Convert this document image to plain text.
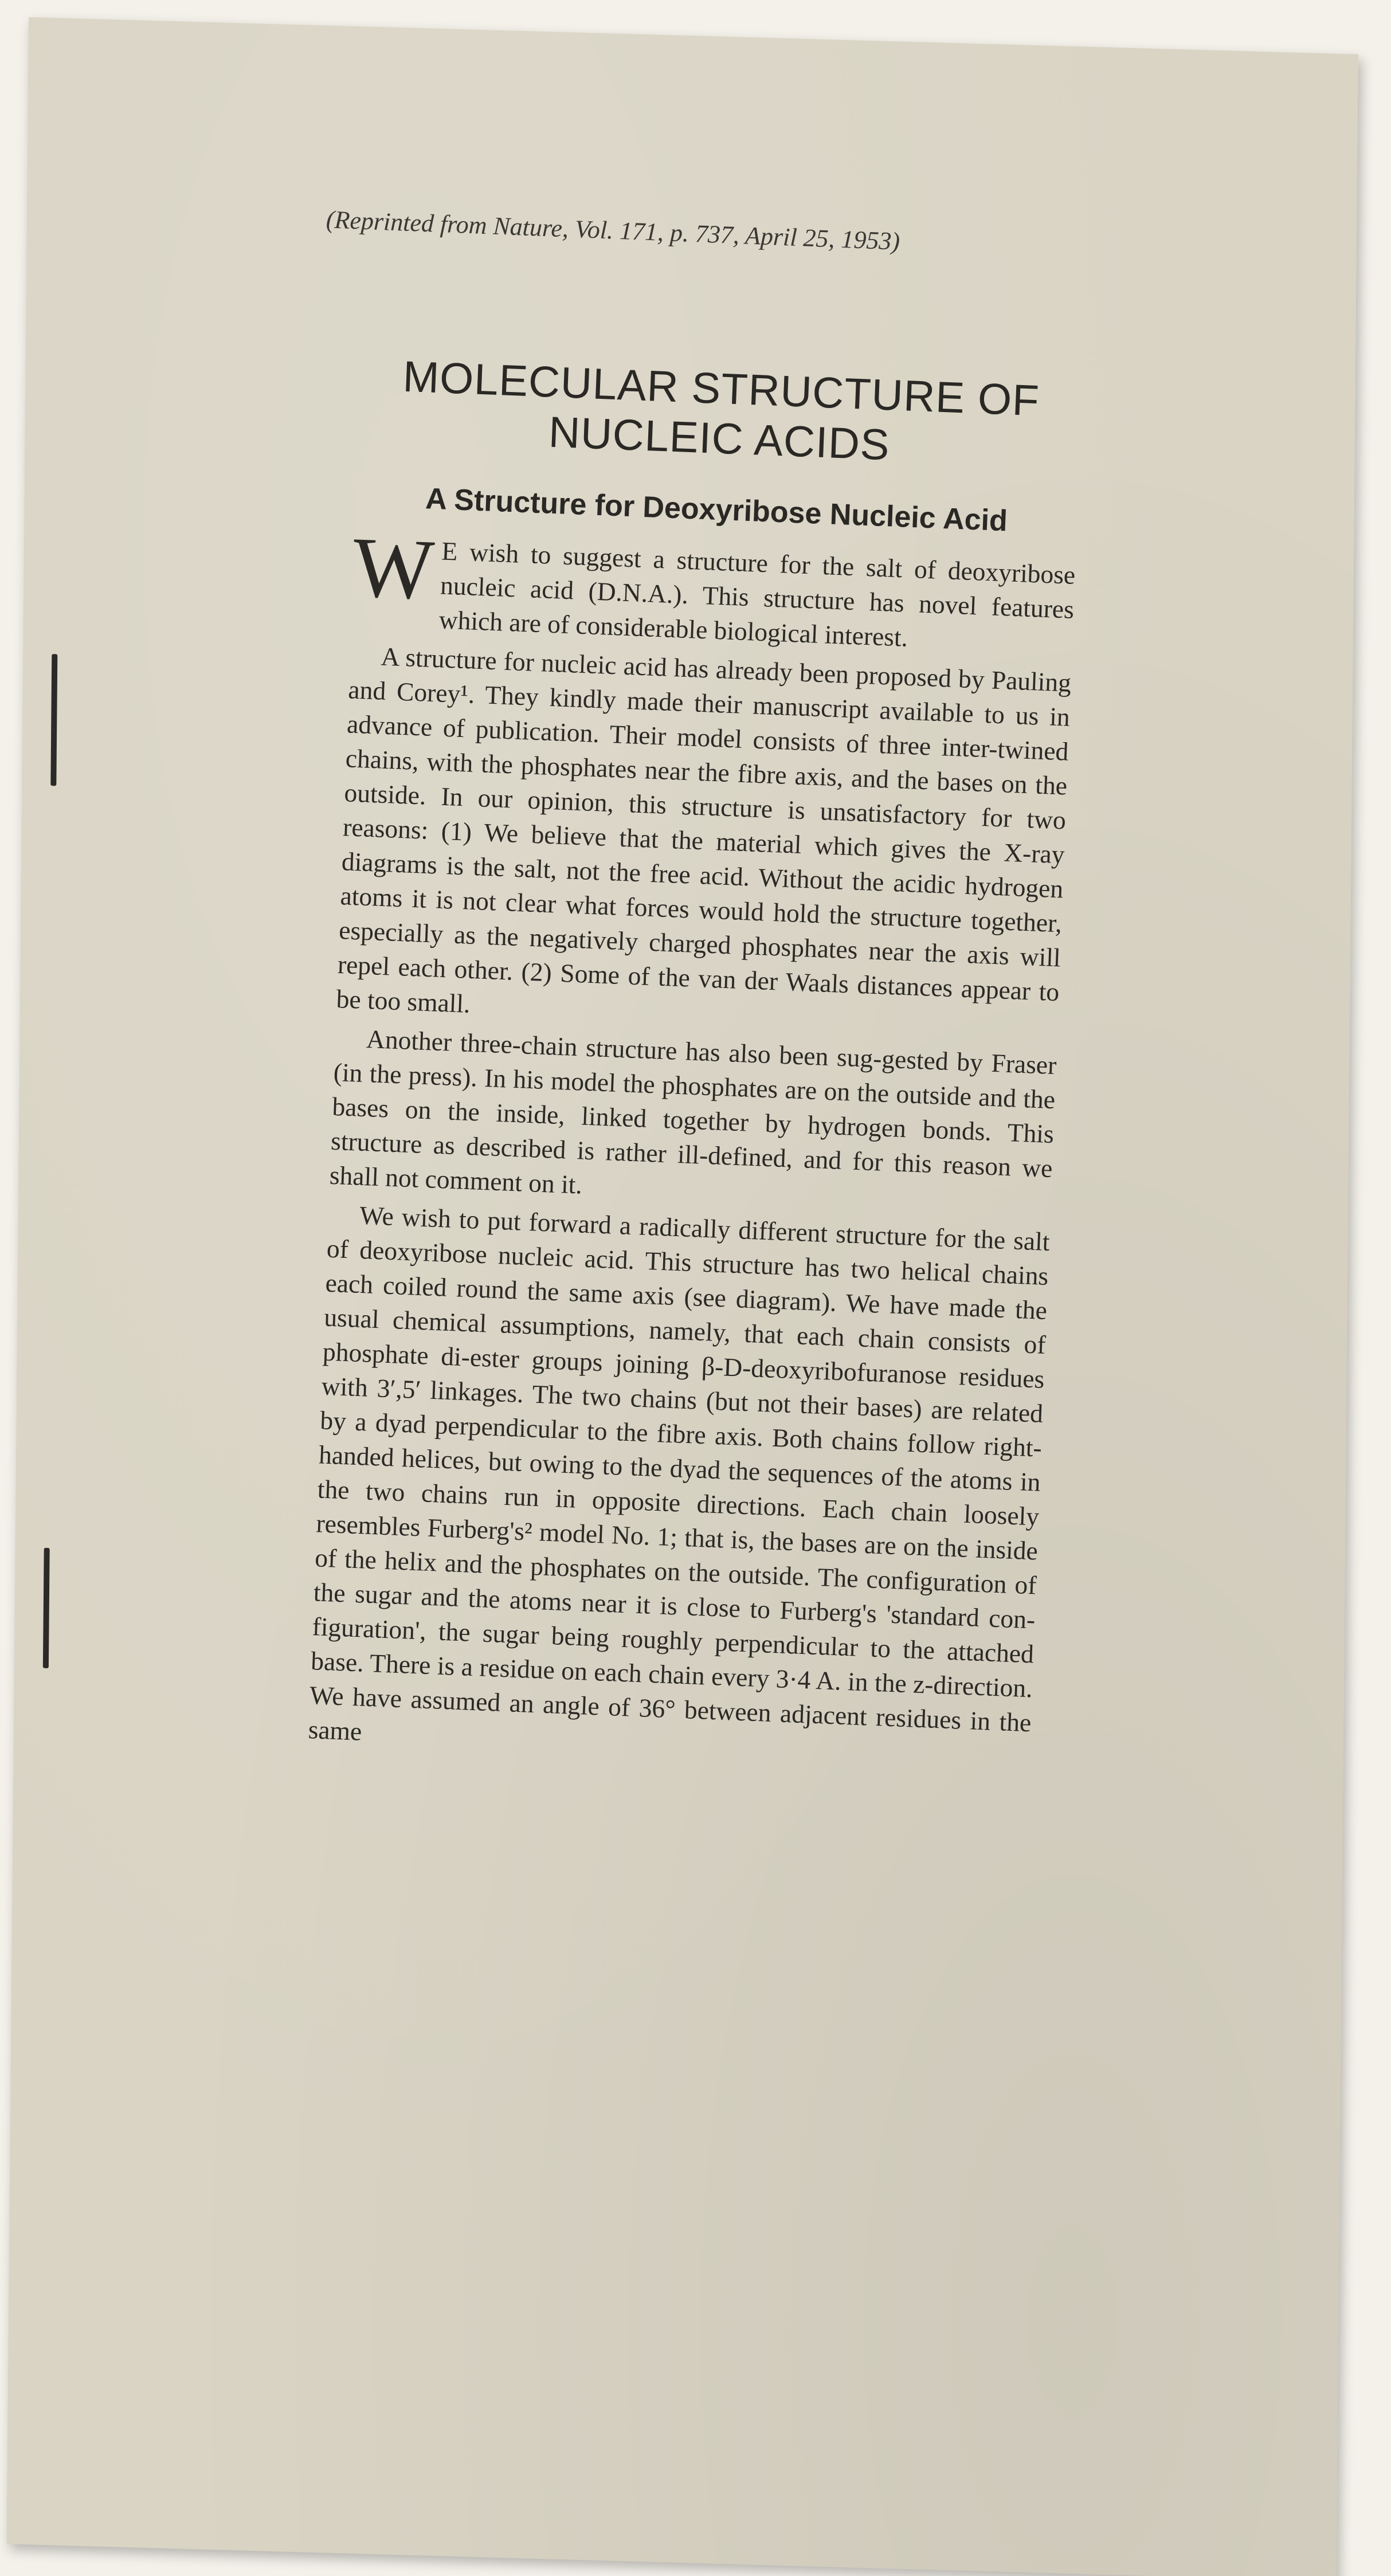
(Reprinted from Nature, Vol. 171, p. 737, April 25, 1953)
MOLECULAR STRUCTURE OF
NUCLEIC ACIDS
A Structure for Deoxyribose Nucleic Acid

W E wish to suggest a structure for the salt of deoxyribose nucleic acid (D.N.A.). This structure has novel features which are of considerable biological interest.

A structure for nucleic acid has already been proposed by Pauling and Corey¹. They kindly made their manuscript available to us in advance of publication. Their model consists of three inter-twined chains, with the phosphates near the fibre axis, and the bases on the outside. In our opinion, this structure is unsatisfactory for two reasons: (1) We believe that the material which gives the X-ray diagrams is the salt, not the free acid. Without the acidic hydrogen atoms it is not clear what forces would hold the structure together, especially as the negatively charged phosphates near the axis will repel each other. (2) Some of the van der Waals distances appear to be too small.

Another three-chain structure has also been sug-gested by Fraser (in the press). In his model the phosphates are on the outside and the bases on the inside, linked together by hydrogen bonds. This structure as described is rather ill-defined, and for this reason we shall not comment on it.

We wish to put forward a radically different structure for the salt of deoxyribose nucleic acid. This structure has two helical chains each coiled round the same axis (see diagram). We have made the usual chemical assumptions, namely, that each chain consists of phosphate di-ester groups joining β-D-deoxyribofuranose residues with 3′,5′ linkages. The two chains (but not their bases) are related by a dyad perpendicular to the fibre axis. Both chains follow right-handed helices, but owing to the dyad the sequences of the atoms in the two chains run in opposite directions. Each chain loosely resembles Furberg's² model No. 1; that is, the bases are on the inside of the helix and the phosphates on the outside. The configuration of the sugar and the atoms near it is close to Furberg's 'standard con-figuration', the sugar being roughly perpendicular to the attached base. There is a residue on each chain every 3·4 A. in the z-direction. We have assumed an angle of 36° between adjacent residues in the same
